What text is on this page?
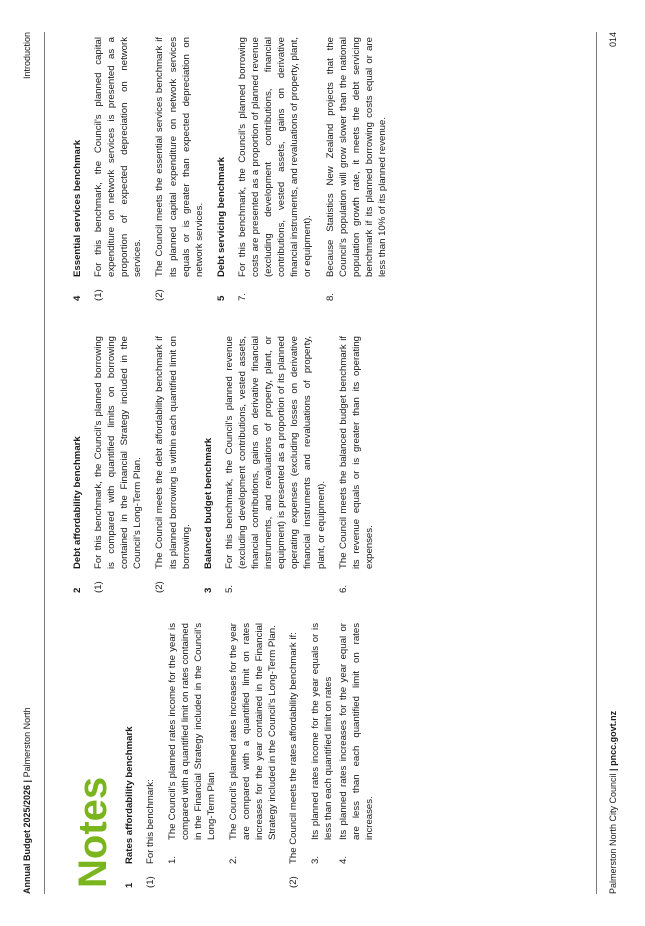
Annual Budget 2025/2026 | Palmerston North
Introduction
Notes 1
Rates affordability benchmark
(1)
For this benchmark: 1.
The Council’s planned rates income for the year is compared with a quantified limit on rates contained in the Financial Strategy included in the Council’s Long-Term Plan
2.
The Council’s planned rates increases for the year are compared with a quantified limit on rates increases for the year contained in the Financial Strategy included in the Council’s Long-Term Plan.
(2)
The Council meets the rates affordability benchmark if: 3.
Its planned rates income for the year equals or is less than each quantified limit on rates
4.
Its planned rates increases for the year equal or are less than each quantified limit on rates increases.
2
Debt affordability benchmark
(1)
For this benchmark, the Council’s planned borrowing is compared with quantified limits on borrowing contained in the Financial Strategy included in the Council’s Long-Term Plan.
(2)
The Council meets the debt affordability benchmark if its planned borrowing is within each quantified limit on borrowing.
3
Balanced budget benchmark
5.
For this benchmark, the Council’s planned revenue (excluding development contributions, vested assets, financial contributions, gains on derivative financial instruments, and revaluations of property, plant, or equipment) is presented as a proportion of its planned operating expenses (excluding losses on derivative financial instruments and revaluations of property, plant, or equipment).
6.
The Council meets the balanced budget benchmark if its revenue equals or is greater than its operating expenses.
4
Essential services benchmark
(1)
For this benchmark, the Council’s planned capital expenditure on network services is presented as a proportion of expected depreciation on network services.
(2)
The Council meets the essential services benchmark if its planned capital expenditure on network services equals or is greater than expected depreciation on network services.
5
Debt servicing benchmark
7.
For this benchmark, the Council’s planned borrowing costs are presented as a proportion of planned revenue (excluding development contributions, financial contributions, vested assets, gains on derivative financial instruments, and revaluations of property, plant, or equipment).
8.
Because Statistics New Zealand projects that the Council’s population will grow slower than the national population growth rate, it meets the debt servicing benchmark if its planned borrowing costs equal or are less than 10% of its planned revenue.
Palmerston North City Council | pncc.govt.nz
014
